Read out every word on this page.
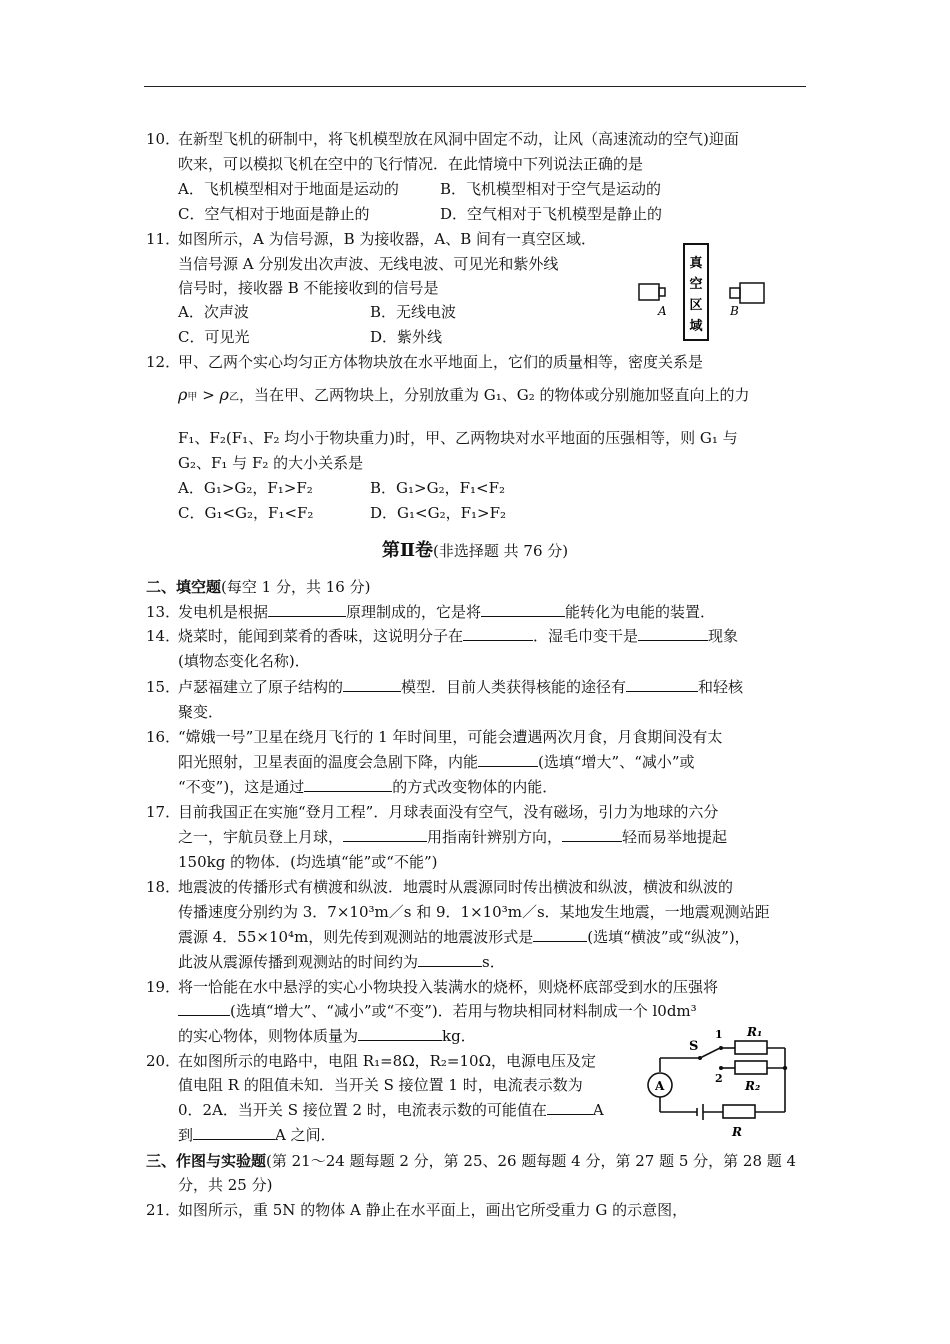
10．
在新型飞机的研制中，将飞机模型放在风洞中固定不动，让风（高速流动的空气)迎面
吹来，可以模拟飞机在空中的飞行情况．在此情境中下列说法正确的是
A．飞机模型相对于地面是运动的	B．飞机模型相对于空气是运动的
C．空气相对于地面是静止的	D．空气相对于飞机模型是静止的
11．
如图所示，A 为信号源，B 为接收器，A、B 间有一真空区域．
当信号源 A 分别发出次声波、无线电波、可见光和紫外线
信号时，接收器 B 不能接收到的信号是
A．次声波	B．无线电波
C．可见光	D．紫外线
真
空
区
域
A	B
12．
甲、乙两个实心均匀正方体物块放在水平地面上，它们的质量相等，密度关系是
ρ甲 > ρ乙，当在甲、乙两物块上，分别放重为 G₁、G₂ 的物体或分别施加竖直向上的力
F₁、F₂(F₁、F₂ 均小于物块重力)时，甲、乙两物块对水平地面的压强相等，则 G₁ 与
G₂、F₁ 与 F₂ 的大小关系是
A．G₁>G₂，F₁>F₂	B．G₁>G₂，F₁<F₂
C．G₁<G₂，F₁<F₂	D．G₁<G₂，F₁>F₂
第Ⅱ卷(非选择题 共 76 分)
二、填空题(每空 1 分，共 16 分)
13．
发电机是根据	原理制成的，它是将	能转化为电能的装置．
14．
烧菜时，能闻到菜肴的香味，这说明分子在	．湿毛巾变干是	现象
(填物态变化名称)．
15．
卢瑟福建立了原子结构的	模型．目前人类获得核能的途径有	和轻核
聚变．
16．
“嫦娥一号”卫星在绕月飞行的 1 年时间里，可能会遭遇两次月食，月食期间没有太
阳光照射，卫星表面的温度会急剧下降，内能	(选填“增大”、“减小”或
“不变”)，这是通过	的方式改变物体的内能．
17．
目前我国正在实施“登月工程”．月球表面没有空气，没有磁场，引力为地球的六分
之一，宇航员登上月球，	用指南针辨别方向，	轻而易举地提起
150kg 的物体．(均选填“能”或“不能”)
18．
地震波的传播形式有横渡和纵波．地震时从震源同时传出横波和纵波，横波和纵波的
传播速度分别约为 3．7×10³m／s 和 9．1×10³m／s．某地发生地震，一地震观测站距
震源 4．55×10⁴m，则先传到观测站的地震波形式是	(选填“横波”或“纵波”)，
此波从震源传播到观测站的时间约为	s．
19．
将一恰能在水中悬浮的实心小物块投入装满水的烧杯，则烧杯底部受到水的压强将
(选填“增大”、“减小”或“不变”)．若用与物块相同材料制成一个 l0dm³
的实心物体，则物体质量为	kg．
20．
在如图所示的电路中，电阻 R₁=8Ω，R₂=10Ω，电源电压及定
值电阻 R 的阻值未知．当开关 S 接位置 1 时，电流表示数为
0．2A．当开关 S 接位置 2 时，电流表示数的可能值在	A
到	A 之间．
S
1
2
R₁
R₂
R
A
三、作图与实验题(第 21～24 题每题 2 分，第 25、26 题每题 4 分，第 27 题 5 分，第 28 题 4
分，共 25 分)
21．
如图所示，重 5N 的物体 A 静止在水平面上，画出它所受重力 G 的示意图，
